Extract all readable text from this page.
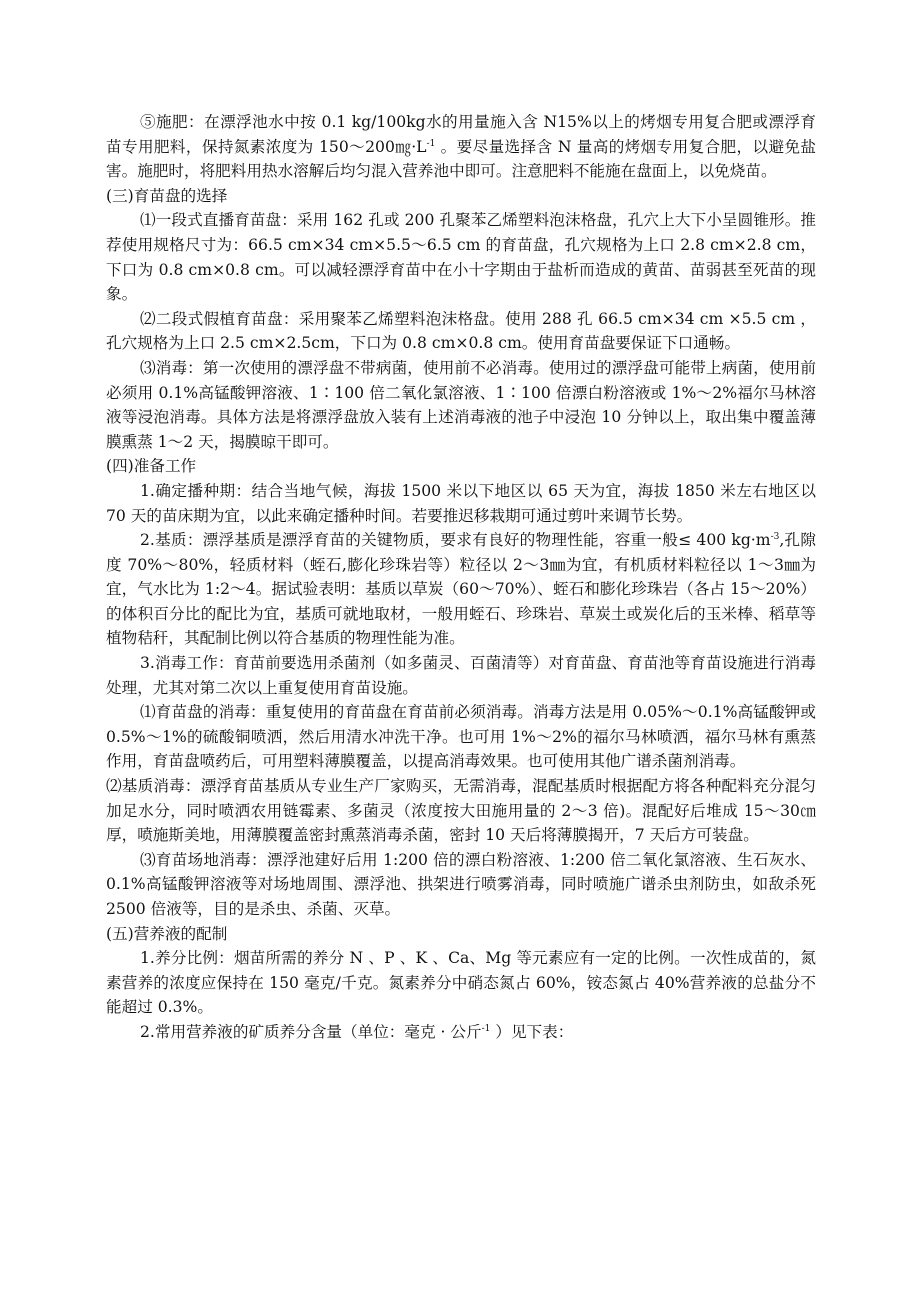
⑤施肥：在漂浮池水中按 0.1 kg/100kg水的用量施入含 N15%以上的烤烟专用复合肥或漂浮育苗专用肥料，保持氮素浓度为 $150\sim 200㎎\cdot L^{-1}$ 。要尽量选择含 N 量高的烤烟专用复合肥，以避免盐害。施肥时，将肥料用热水溶解后均匀混入营养池中即可。注意肥料不能施在盘面上，以免烧苗。

(三)育苗盘的选择

⑴一段式直播育苗盘：采用 162 孔或 200 孔聚苯乙烯塑料泡沫格盘，孔穴上大下小呈圆锥形。推荐使用规格尺寸为：66.5 cm×34 cm×5.5～6.5 cm 的育苗盘，孔穴规格为上口 2.8 cm×2.8 cm，下口为 0.8 cm×0.8 cm。可以减轻漂浮育苗中在小十字期由于盐析而造成的黄苗、苗弱甚至死苗的现象。

⑵二段式假植育苗盘：采用聚苯乙烯塑料泡沫格盘。使用 288 孔 66.5 cm×34 cm ×5.5 cm ，孔穴规格为上口 2.5 cm×2.5cm，下口为 0.8 cm×0.8 cm。使用育苗盘要保证下口通畅。

⑶消毒：第一次使用的漂浮盘不带病菌，使用前不必消毒。使用过的漂浮盘可能带上病菌，使用前必须用 0.1%高锰酸钾溶液、1∶100 倍二氧化氯溶液、1∶100 倍漂白粉溶液或 1%～2%福尔马林溶液等浸泡消毒。具体方法是将漂浮盘放入装有上述消毒液的池子中浸泡 10 分钟以上，取出集中覆盖薄膜熏蒸 1～2 天，揭膜晾干即可。

(四)准备工作

1.确定播种期：结合当地气候，海拔 1500 米以下地区以 65 天为宜，海拔 1850 米左右地区以 70 天的苗床期为宜，以此来确定播种时间。若要推迟移栽期可通过剪叶来调节长势。

2.基质：漂浮基质是漂浮育苗的关键物质，要求有良好的物理性能，容重一般≤ 400 $kg\cdot m^{-3}$,孔隙度 70%～80%，轻质材料（蛭石,膨化珍珠岩等）粒径以 2～3㎜为宜，有机质材料粒径以 1～3㎜为宜，气水比为 1:2～4。据试验表明：基质以草炭（60～70%）、蛭石和膨化珍珠岩（各占 15～20%）的体积百分比的配比为宜，基质可就地取材，一般用蛭石、珍珠岩、草炭土或炭化后的玉米棒、稻草等植物秸秆，其配制比例以符合基质的物理性能为准。

3.消毒工作：育苗前要选用杀菌剂（如多菌灵、百菌清等）对育苗盘、育苗池等育苗设施进行消毒处理，尤其对第二次以上重复使用育苗设施。

⑴育苗盘的消毒：重复使用的育苗盘在育苗前必须消毒。消毒方法是用 0.05%～0.1%高锰酸钾或 0.5%～1%的硫酸铜喷洒，然后用清水冲洗干净。也可用 1%～2%的福尔马林喷洒，福尔马林有熏蒸作用，育苗盘喷药后，可用塑料薄膜覆盖，以提高消毒效果。也可使用其他广谱杀菌剂消毒。

⑵基质消毒：漂浮育苗基质从专业生产厂家购买，无需消毒，混配基质时根据配方将各种配料充分混匀加足水分，同时喷洒农用链霉素、多菌灵（浓度按大田施用量的 2～3 倍)。混配好后堆成 15～30㎝厚，喷施斯美地，用薄膜覆盖密封熏蒸消毒杀菌，密封 10 天后将薄膜揭开，7 天后方可装盘。

⑶育苗场地消毒：漂浮池建好后用 1:200 倍的漂白粉溶液、1:200 倍二氧化氯溶液、生石灰水、0.1%高锰酸钾溶液等对场地周围、漂浮池、拱架进行喷雾消毒，同时喷施广谱杀虫剂防虫，如敌杀死 2500 倍液等，目的是杀虫、杀菌、灭草。

(五)营养液的配制

1.养分比例：烟苗所需的养分 N 、P 、K 、Ca、Mg 等元素应有一定的比例。一次性成苗的，氮素营养的浓度应保持在 150 毫克/千克。氮素养分中硝态氮占 60%，铵态氮占 40%营养液的总盐分不能超过 0.3%。

2.常用营养液的矿质养分含量（单位：毫克 · 公斤$^{-1}$ ）见下表：
